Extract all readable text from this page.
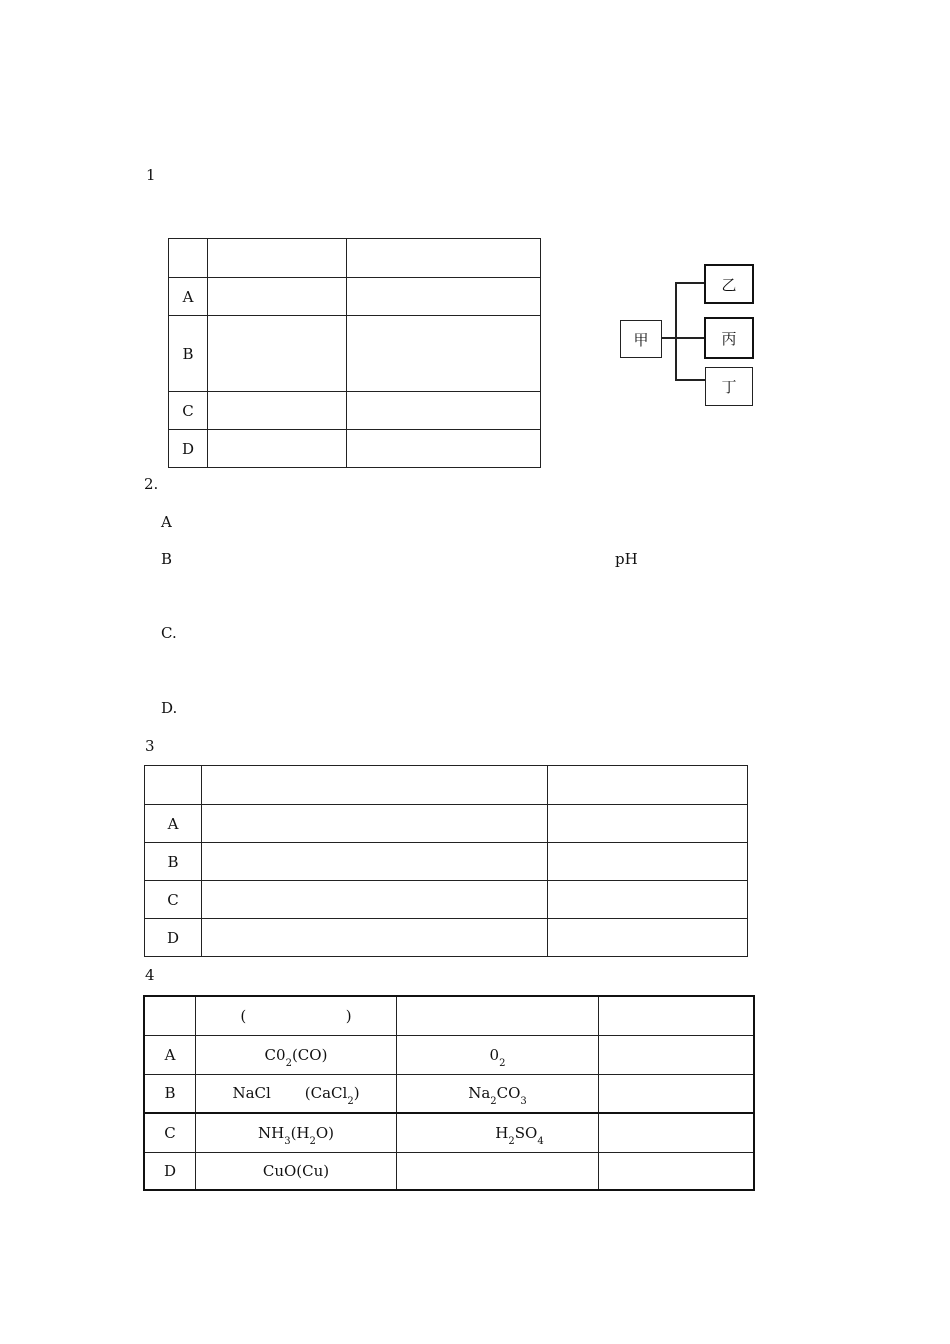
1

A		
B		
C		
D		
甲
乙
丙
丁
2.
A
B	pH
C.
D.
3

A		
B		
C		
D		
4
	( )		
A	$C0_2(CO)$	$0_2$	
B	NaCl (CaCl$_2$)	$Na_2CO_3$	
C	$NH_3(H_2O)$	$H_2SO_4$	
D	CuO(Cu)		
